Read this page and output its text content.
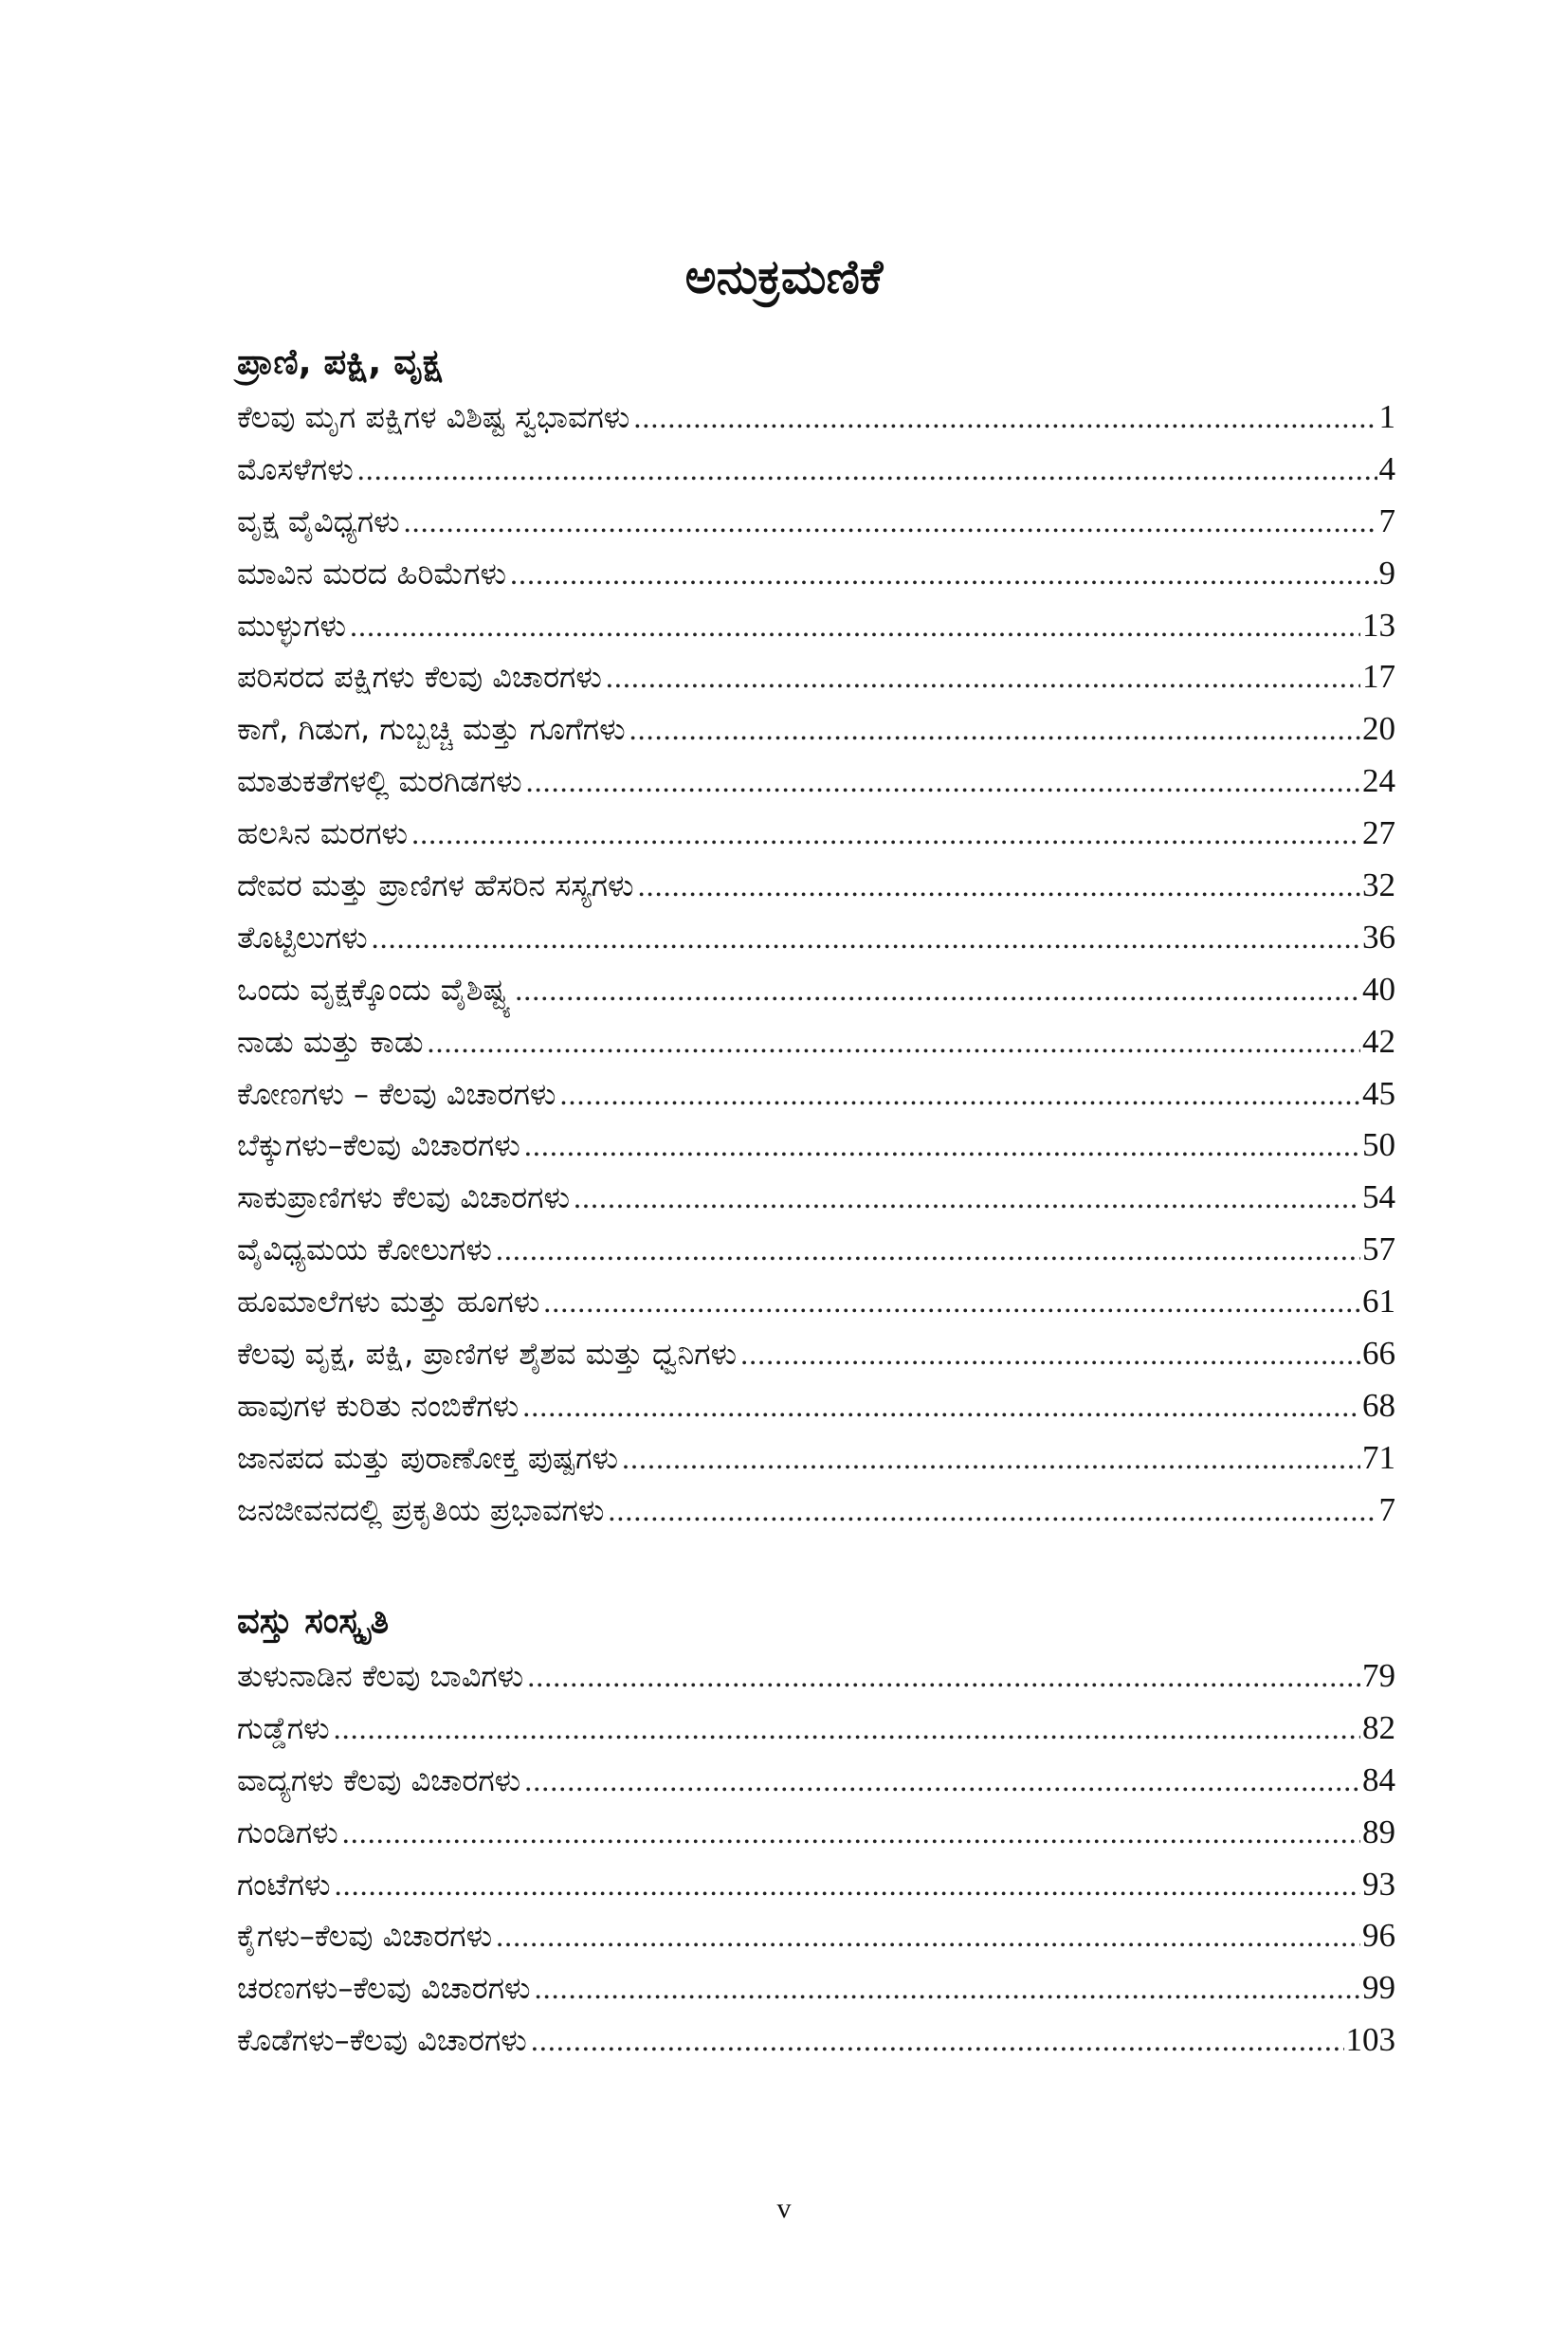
ಅನುಕ್ರಮಣಿಕೆ
ಪ್ರಾಣಿ, ಪಕ್ಷಿ, ವೃಕ್ಷ
ಕೆಲವು ಮೃಗ ಪಕ್ಷಿಗಳ ವಿಶಿಷ್ಟ ಸ್ವಭಾವಗಳು .....	1
ಮೊಸಳೆಗಳು .....	4
ವೃಕ್ಷ ವೈವಿಧ್ಯಗಳು .....	7
ಮಾವಿನ ಮರದ ಹಿರಿಮೆಗಳು .....	9
ಮುಳ್ಳುಗಳು .....	13
ಪರಿಸರದ ಪಕ್ಷಿಗಳು ಕೆಲವು ವಿಚಾರಗಳು .....	17
ಕಾಗೆ, ಗಿಡುಗ, ಗುಬ್ಬಚ್ಚಿ ಮತ್ತು ಗೂಗೆಗಳು .....	20
ಮಾತುಕತೆಗಳಲ್ಲಿ ಮರಗಿಡಗಳು .....	24
ಹಲಸಿನ ಮರಗಳು .....	27
ದೇವರ ಮತ್ತು ಪ್ರಾಣಿಗಳ ಹೆಸರಿನ ಸಸ್ಯಗಳು .....	32
ತೊಟ್ಟಿಲುಗಳು .....	36
ಒಂದು ವೃಕ್ಷಕ್ಕೊಂದು ವೈಶಿಷ್ಟ್ಯ .....	40
ನಾಡು ಮತ್ತು ಕಾಡು .....	42
ಕೋಣಗಳು – ಕೆಲವು ವಿಚಾರಗಳು .....	45
ಬೆಕ್ಕುಗಳು–ಕೆಲವು ವಿಚಾರಗಳು .....	50
ಸಾಕುಪ್ರಾಣಿಗಳು ಕೆಲವು ವಿಚಾರಗಳು .....	54
ವೈವಿಧ್ಯಮಯ ಕೋಲುಗಳು .....	57
ಹೂಮಾಲೆಗಳು ಮತ್ತು ಹೂಗಳು .....	61
ಕೆಲವು ವೃಕ್ಷ, ಪಕ್ಷಿ, ಪ್ರಾಣಿಗಳ ಶೈಶವ ಮತ್ತು ಧ್ವನಿಗಳು .....	66
ಹಾವುಗಳ ಕುರಿತು ನಂಬಿಕೆಗಳು .....	68
ಜಾನಪದ ಮತ್ತು ಪುರಾಣೋಕ್ತ ಪುಷ್ಪಗಳು .....	71
ಜನಜೀವನದಲ್ಲಿ ಪ್ರಕೃತಿಯ ಪ್ರಭಾವಗಳು .....	7
ವಸ್ತು ಸಂಸ್ಕೃತಿ
ತುಳುನಾಡಿನ ಕೆಲವು ಬಾವಿಗಳು .....	79
ಗುಡ್ಡೆಗಳು .....	82
ವಾದ್ಯಗಳು ಕೆಲವು ವಿಚಾರಗಳು .....	84
ಗುಂಡಿಗಳು .....	89
ಗಂಟೆಗಳು .....	93
ಕೈಗಳು–ಕೆಲವು ವಿಚಾರಗಳು .....	96
ಚರಣಗಳು–ಕೆಲವು ವಿಚಾರಗಳು .....	99
ಕೊಡೆಗಳು–ಕೆಲವು ವಿಚಾರಗಳು .....	103
v
